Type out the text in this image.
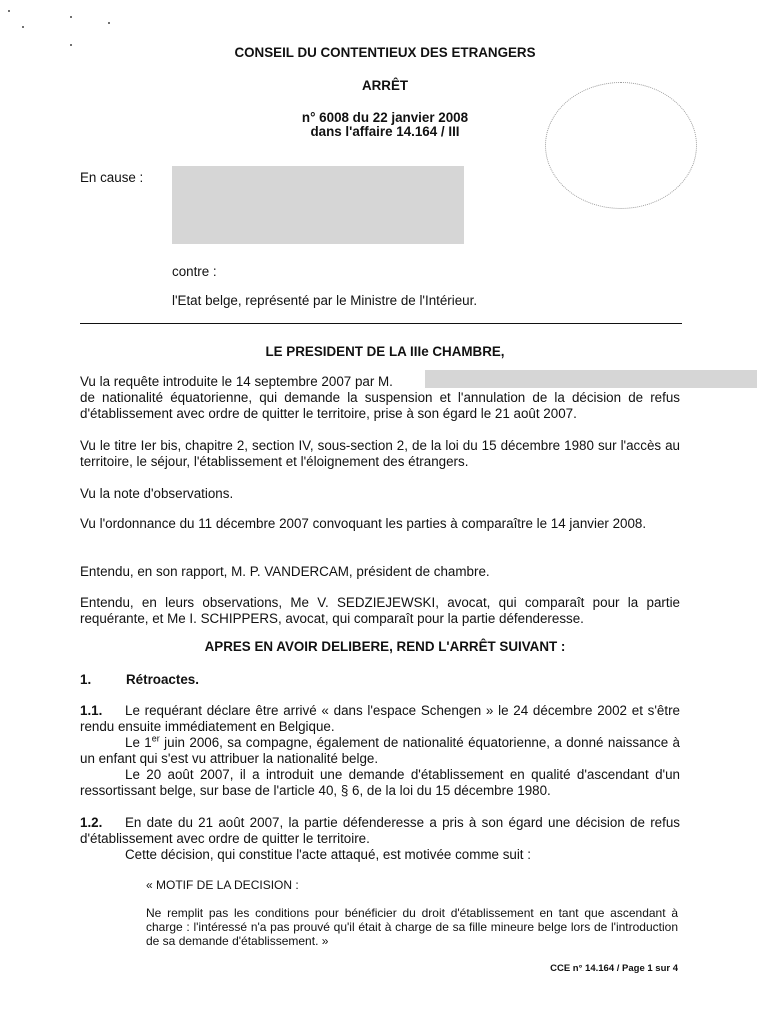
CONSEIL DU CONTENTIEUX DES ETRANGERS
ARRÊT
n° 6008 du 22 janvier 2008
dans l'affaire 14.164 / III
En cause :
contre :
l'Etat belge, représenté par le Ministre de l'Intérieur.
LE PRESIDENT DE LA IIIe CHAMBRE,
Vu la requête introduite le 14 septembre 2007 par M.
de nationalité équatorienne, qui demande la suspension et l'annulation de la décision de refus d'établissement avec ordre de quitter le territoire, prise à son égard le 21 août 2007.
Vu le titre Ier bis, chapitre 2, section IV, sous-section 2, de la loi du 15 décembre 1980 sur l'accès au territoire, le séjour, l'établissement et l'éloignement des étrangers.
Vu la note d'observations.
Vu l'ordonnance du 11 décembre 2007 convoquant les parties à comparaître le 14 janvier 2008.
Entendu, en son rapport, M. P. VANDERCAM, président de chambre.
Entendu, en leurs observations, Me V. SEDZIEJEWSKI, avocat, qui comparaît pour la partie requérante, et Me I. SCHIPPERS, avocat, qui comparaît pour la partie défenderesse.
APRES EN AVOIR DELIBERE, REND L'ARRÊT SUIVANT :
1.	Rétroactes.
1.1. Le requérant déclare être arrivé « dans l'espace Schengen » le 24 décembre 2002 et s'être rendu ensuite immédiatement en Belgique.
Le 1er juin 2006, sa compagne, également de nationalité équatorienne, a donné naissance à un enfant qui s'est vu attribuer la nationalité belge.
Le 20 août 2007, il a introduit une demande d'établissement en qualité d'ascendant d'un ressortissant belge, sur base de l'article 40, § 6, de la loi du 15 décembre 1980.
1.2. En date du 21 août 2007, la partie défenderesse a pris à son égard une décision de refus d'établissement avec ordre de quitter le territoire.
Cette décision, qui constitue l'acte attaqué, est motivée comme suit :
« MOTIF DE LA DECISION :
Ne remplit pas les conditions pour bénéficier du droit d'établissement en tant que ascendant à charge : l'intéressé n'a pas prouvé qu'il était à charge de sa fille mineure belge lors de l'introduction de sa demande d'établissement. »
CCE n° 14.164 / Page 1 sur 4
